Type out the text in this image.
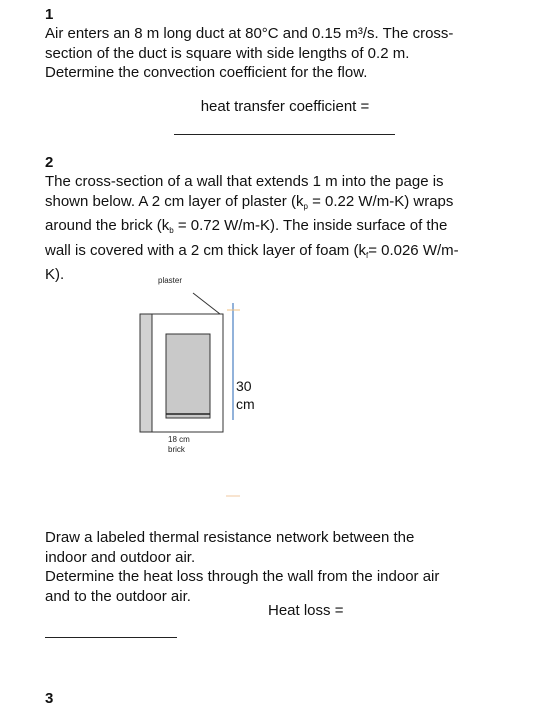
1
Air enters an 8 m long duct at 80°C and 0.15 m³/s. The cross-
section of the duct is square with side lengths of 0.2 m.
Determine the convection coefficient for the flow.
heat transfer coefficient =
2
The cross-section of a wall that extends 1 m into the page is
shown below. A 2 cm layer of plaster ($k_p = 0.22$ W/m-K) wraps
around the brick ($k_b = 0.72$ W/m-K). The inside surface of the
wall is covered with a 2 cm thick layer of foam ($k_f= 0.026$ W/m-
K).	plaster
30
cm
18 cm
brick
Draw a labeled thermal resistance network between the
indoor and outdoor air.
Determine the heat loss through the wall from the indoor air
and to the outdoor air.
Heat loss =
3
